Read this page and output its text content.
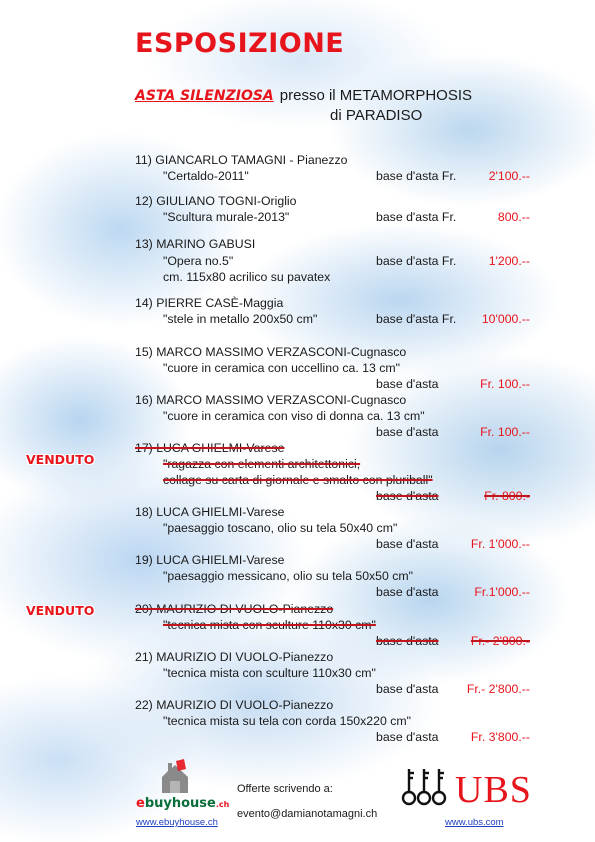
ESPOSIZIONE
ASTA SILENZIOSA presso il METAMORPHOSIS
di PARADISO
11) GIANCARLO TAMAGNI - Pianezzo
"Certaldo-2011"	base d'asta Fr.	2'100.--
12) GIULIANO TOGNI-Origlio
"Scultura murale-2013"	base d'asta Fr.	800.--
13) MARINO GABUSI
"Opera no.5"	base d'asta Fr.	1'200.--
cm. 115x80 acrilico su pavatex
14) PIERRE CASÈ-Maggia
"stele in metallo 200x50 cm"	base d'asta Fr. 10'000.--
15) MARCO MASSIMO VERZASCONI-Cugnasco
"cuore in ceramica con uccellino ca. 13 cm"
base d'asta	Fr. 100.--
16) MARCO MASSIMO VERZASCONI-Cugnasco
"cuore in ceramica con viso di donna ca. 13 cm"
base d'asta	Fr. 100.--
VENDUTO
17) LUCA GHIELMI-Varese
"ragazza con elementi architettonici,
collage su carta di giornale e smalto con pluriball"
base d'asta	Fr. 800.-
18) LUCA GHIELMI-Varese
"paesaggio toscano, olio su tela 50x40 cm"
base d'asta	Fr. 1'000.--
19) LUCA GHIELMI-Varese
"paesaggio messicano, olio su tela 50x50 cm"
base d'asta	Fr.1'000.--
VENDUTO	20) MAURIZIO DI VUOLO-Pianezzo
"tecnica mista con sculture 110x30 cm"
base d'asta	Fr.- 2'800.-
21) MAURIZIO DI VUOLO-Pianezzo
"tecnica mista con sculture 110x30 cm"
base d'asta Fr.- 2'800.--
22) MAURIZIO DI VUOLO-Pianezzo
"tecnica mista su tela con corda 150x220 cm"
base d'asta	Fr. 3'800.--
ebuyhouse.ch
www.ebuyhouse.ch
Offerte scrivendo a:
evento@damianotamagni.ch
UBS
www.ubs.com
